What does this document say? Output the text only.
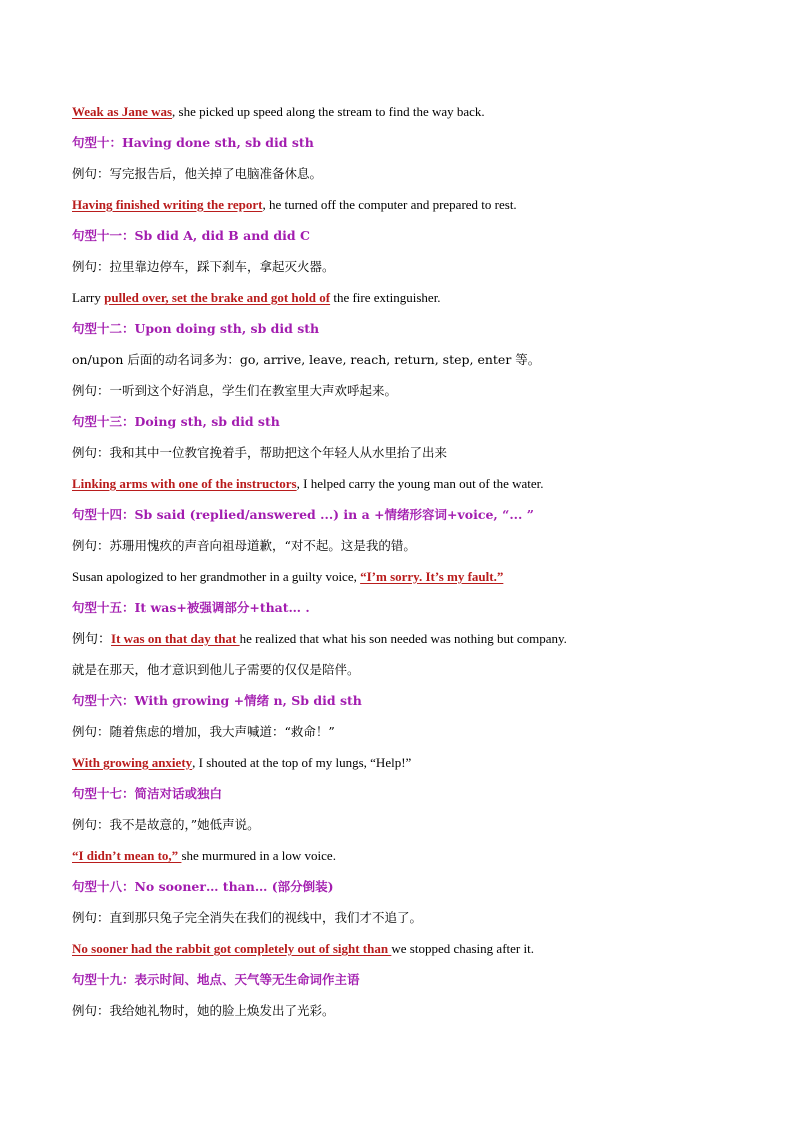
Weak as Jane was, she picked up speed along the stream to find the way back.
句型十：Having done sth, sb did sth
例句：写完报告后，他关掉了电脑准备休息。
Having finished writing the report, he turned off the computer and prepared to rest.
句型十一：Sb did A, did B and did C
例句：拉里靠边停车，踩下刹车，拿起灭火器。
Larry pulled over, set the brake and got hold of the fire extinguisher.
句型十二：Upon doing sth, sb did sth
on/upon 后面的动名词多为：go, arrive, leave, reach, return, step, enter 等。
例句：一听到这个好消息，学生们在教室里大声欢呼起来。
句型十三：Doing sth, sb did sth
例句：我和其中一位教官挽着手，帮助把这个年轻人从水里抬了出来
Linking arms with one of the instructors, I helped carry the young man out of the water.
句型十四：Sb said (replied/answered ...) in a +情绪形容词+voice, “... ”
例句：苏珊用愧疚的声音向祖母道歉，“对不起。这是我的错。
Susan apologized to her grandmother in a guilty voice, “I’m sorry. It’s my fault.”
句型十五：It was+被强调部分+that… .
例句：It was on that day that he realized that what his son needed was nothing but company.
就是在那天，他才意识到他儿子需要的仅仅是陪伴。
句型十六：With growing +情绪 n, Sb did sth
例句：随着焦虑的增加，我大声喊道：“救命！”
With growing anxiety, I shouted at the top of my lungs, “Help!”
句型十七：简洁对话或独白
例句：我不是故意的，”她低声说。
“I didn’t mean to,” she murmured in a low voice.
句型十八：No sooner… than… (部分倒装)
例句：直到那只兔子完全消失在我们的视线中，我们才不追了。
No sooner had the rabbit got completely out of sight than we stopped chasing after it.
句型十九：表示时间、地点、天气等无生命词作主语
例句：我给她礼物时，她的脸上焕发出了光彩。
